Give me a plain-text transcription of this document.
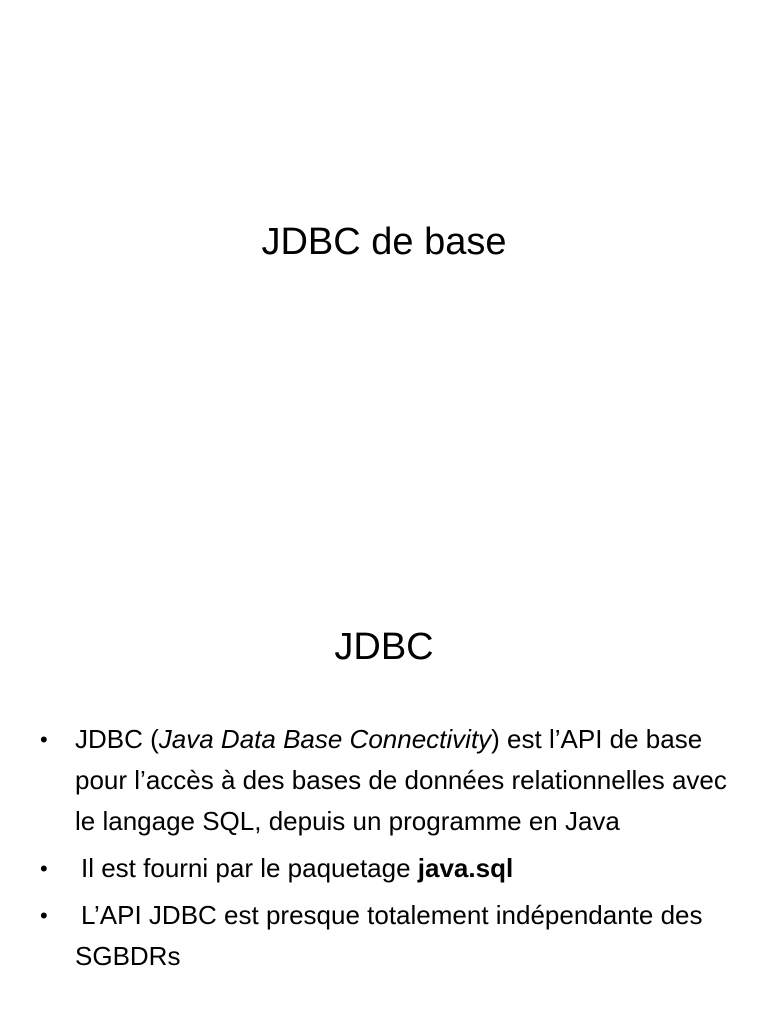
JDBC de base
JDBC
• JDBC (Java Data Base Connectivity) est l’API de base pour l’accès à des bases de données relationnelles avec le langage SQL, depuis un programme en Java
• Il est fourni par le paquetage java.sql
• L’API JDBC est presque totalement indépendante des SGBDRs
